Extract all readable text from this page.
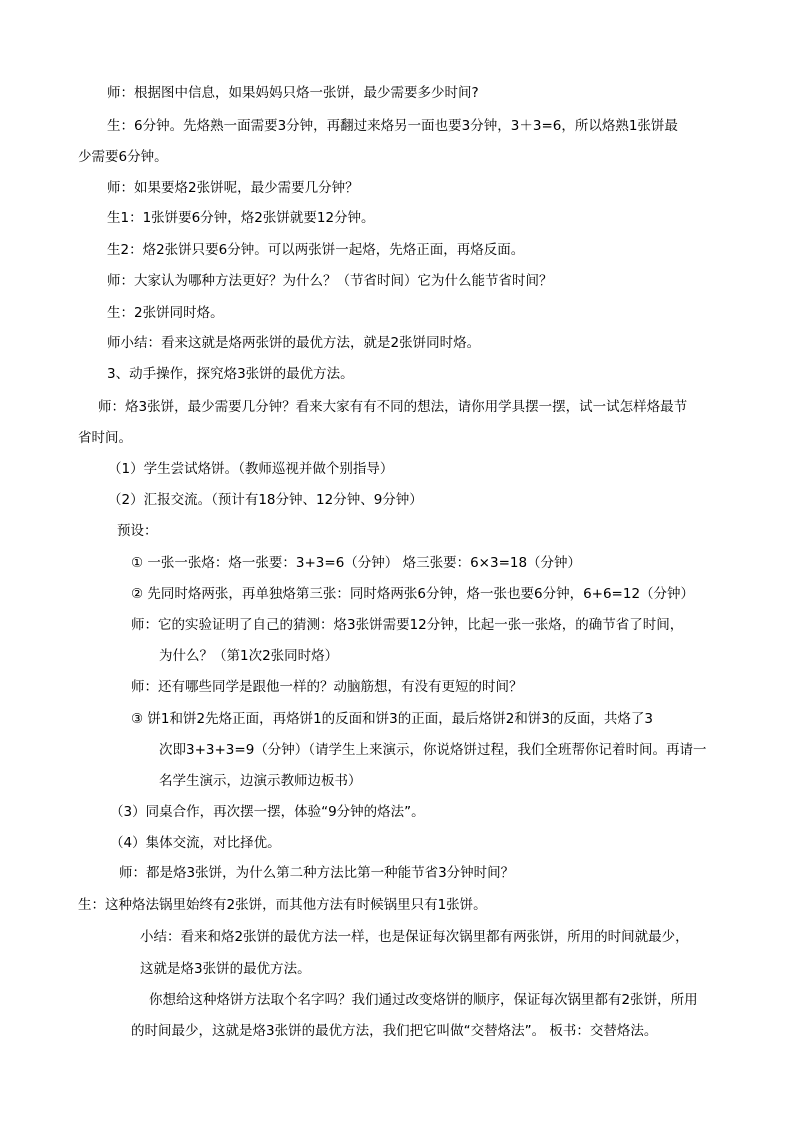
师：根据图中信息，如果妈妈只烙一张饼，最少需要多少时间?
生：6分钟。先烙熟一面需要3分钟，再翻过来烙另一面也要3分钟，3＋3=6，所以烙熟1张饼最
少需要6分钟。
师：如果要烙2张饼呢，最少需要几分钟？
生1：1张饼要6分钟，烙2张饼就要12分钟。
生2：烙2张饼只要6分钟。可以两张饼一起烙，先烙正面，再烙反面。
师：大家认为哪种方法更好？为什么？（节省时间）它为什么能节省时间？
生：2张饼同时烙。
师小结：看来这就是烙两张饼的最优方法，就是2张饼同时烙。
3、动手操作，探究烙3张饼的最优方法。
师：烙3张饼，最少需要几分钟？看来大家有有不同的想法，请你用学具摆一摆，试一试怎样烙最节
省时间。
（1）学生尝试烙饼。（教师巡视并做个别指导）
（2）汇报交流。（预计有18分钟、12分钟、9分钟）
预设：
① 一张一张烙：烙一张要：3+3=6（分钟） 烙三张要：6×3=18（分钟）
② 先同时烙两张，再单独烙第三张：同时烙两张6分钟，烙一张也要6分钟，6+6=12（分钟）
师：它的实验证明了自己的猜测：烙3张饼需要12分钟，比起一张一张烙，的确节省了时间，
为什么？（第1次2张同时烙）
师：还有哪些同学是跟他一样的？动脑筋想，有没有更短的时间？
③ 饼1和饼2先烙正面，再烙饼1的反面和饼3的正面，最后烙饼2和饼3的反面，共烙了3
次即3+3+3=9（分钟）（请学生上来演示，你说烙饼过程，我们全班帮你记着时间。再请一
名学生演示，边演示教师边板书）
（3）同桌合作，再次摆一摆，体验“9分钟的烙法”。
（4）集体交流，对比择优。
师：都是烙3张饼，为什么第二种方法比第一种能节省3分钟时间？
生：这种烙法锅里始终有2张饼，而其他方法有时候锅里只有1张饼。
小结：看来和烙2张饼的最优方法一样，也是保证每次锅里都有两张饼，所用的时间就最少，
这就是烙3张饼的最优方法。
你想给这种烙饼方法取个名字吗？我们通过改变烙饼的顺序，保证每次锅里都有2张饼，所用
的时间最少，这就是烙3张饼的最优方法，我们把它叫做“交替烙法”。 板书：交替烙法。
